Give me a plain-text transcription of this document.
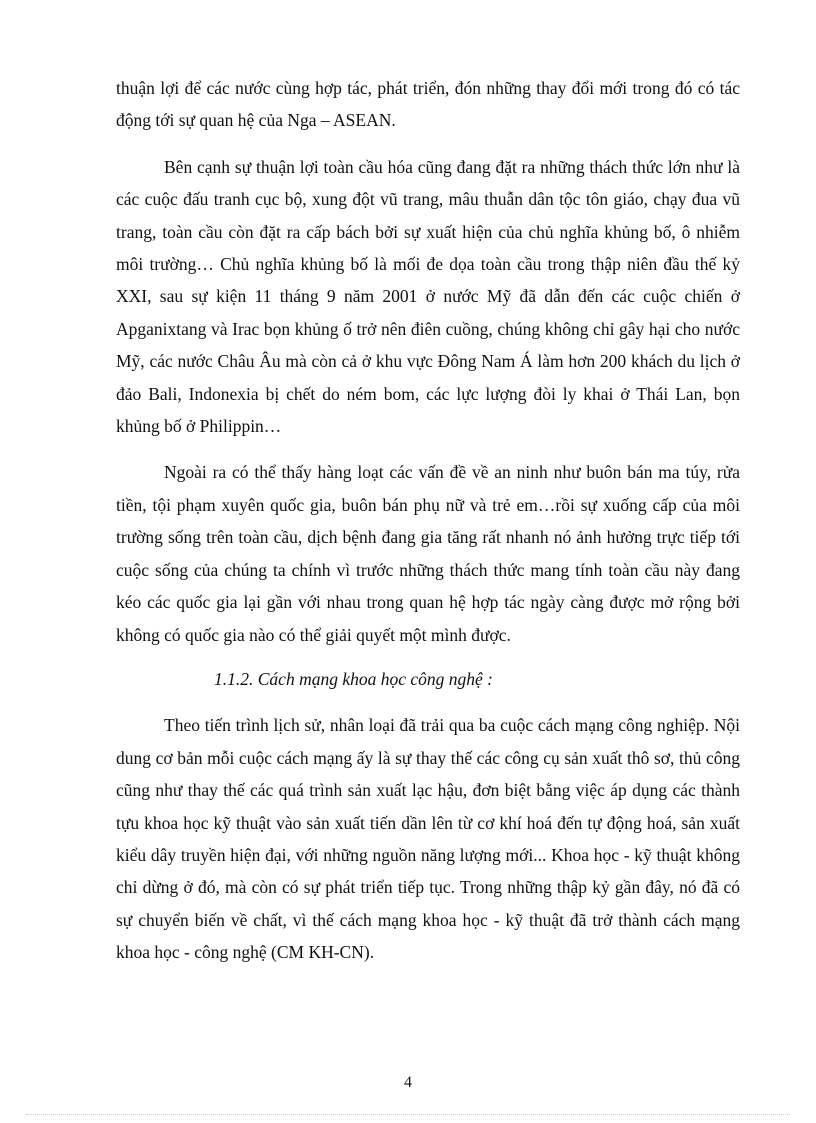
thuận lợi để các nước cùng hợp tác, phát triển, đón những thay đổi mới trong đó có tác động tới sự quan hệ của Nga – ASEAN.

Bên cạnh sự thuận lợi toàn cầu hóa cũng đang đặt ra những thách thức lớn như là các cuộc đấu tranh cục bộ, xung đột vũ trang, mâu thuẫn dân tộc tôn giáo, chạy đua vũ trang, toàn cầu còn đặt ra cấp bách bởi sự xuất hiện của chủ nghĩa khủng bố, ô nhiễm môi trường… Chủ nghĩa khủng bố là mối đe dọa toàn cầu trong thập niên đầu thế kỷ XXI, sau sự kiện 11 tháng 9 năm 2001 ở nước Mỹ đã dẫn đến các cuộc chiến ở Apganixtang và Irac bọn khủng ố trở nên điên cuồng, chúng không chỉ gây hại cho nước Mỹ, các nước Châu Âu mà còn cả ở khu vực Đông Nam Á làm hơn 200 khách du lịch ở đảo Bali, Indonexia bị chết do ném bom, các lực lượng đòi ly khai ở Thái Lan, bọn khủng bố ở Philippin…

Ngoài ra có thể thấy hàng loạt các vấn đề về an ninh như buôn bán ma túy, rửa tiền, tội phạm xuyên quốc gia, buôn bán phụ nữ và trẻ em…rồi sự xuống cấp của môi trường sống trên toàn cầu, dịch bệnh đang gia tăng rất nhanh nó ảnh hưởng trực tiếp tới cuộc sống của chúng ta chính vì trước những thách thức mang tính toàn cầu này đang kéo các quốc gia lại gần với nhau trong quan hệ hợp tác ngày càng được mở rộng bởi không có quốc gia nào có thể giải quyết một mình được.

1.1.2. Cách mạng khoa học công nghệ :

Theo tiến trình lịch sử, nhân loại đã trải qua ba cuộc cách mạng công nghiệp. Nội dung cơ bản mỗi cuộc cách mạng ấy là sự thay thế các công cụ sản xuất thô sơ, thủ công cũng như thay thế các quá trình sản xuất lạc hậu, đơn biệt bằng việc áp dụng các thành tựu khoa học kỹ thuật vào sản xuất tiến dần lên từ cơ khí hoá đến tự động hoá, sản xuất kiểu dây truyền hiện đại, với những nguồn năng lượng mới... Khoa học - kỹ thuật không chỉ dừng ở đó, mà còn có sự phát triển tiếp tục. Trong những thập kỷ gần đây, nó đã có sự chuyển biến về chất, vì thế cách mạng khoa học - kỹ thuật đã trở thành cách mạng khoa học - công nghệ (CM KH-CN).

4
